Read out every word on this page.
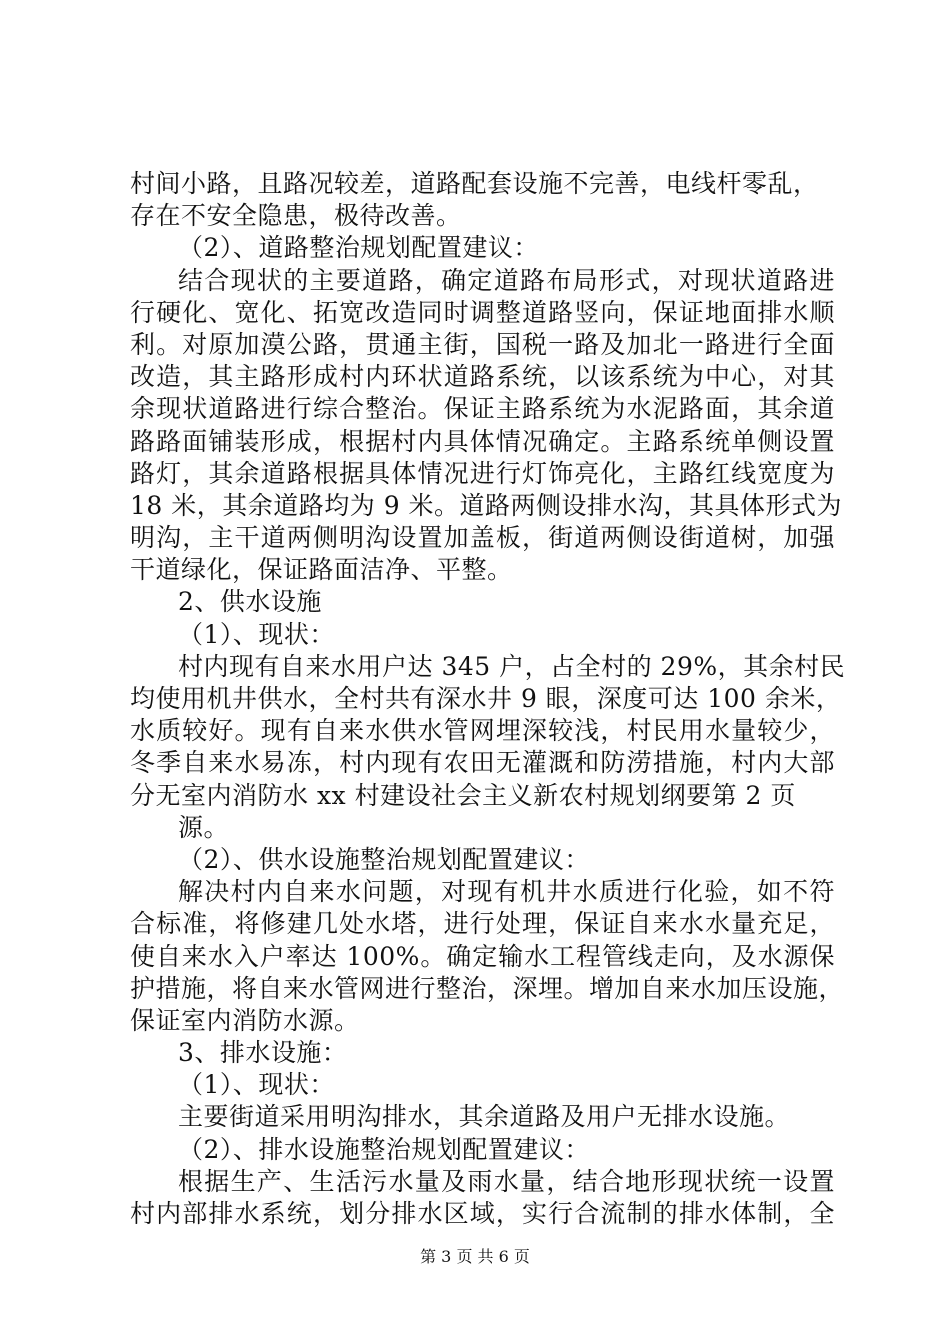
村间小路，且路况较差，道路配套设施不完善，电线杆零乱，
存在不安全隐患，极待改善。
（2）、道路整治规划配置建议：
结合现状的主要道路，确定道路布局形式，对现状道路进
行硬化、宽化、拓宽改造同时调整道路竖向，保证地面排水顺
利。对原加漠公路，贯通主街，国税一路及加北一路进行全面
改造，其主路形成村内环状道路系统，以该系统为中心，对其
余现状道路进行综合整治。保证主路系统为水泥路面，其余道
路路面铺装形成，根据村内具体情况确定。主路系统单侧设置
路灯，其余道路根据具体情况进行灯饰亮化，主路红线宽度为
18 米，其余道路均为 9 米。道路两侧设排水沟，其具体形式为
明沟，主干道两侧明沟设置加盖板，街道两侧设街道树，加强
干道绿化，保证路面洁净、平整。
2、供水设施
（1）、现状：
村内现有自来水用户达 345 户，占全村的 29%，其余村民
均使用机井供水，全村共有深水井 9 眼，深度可达 100 余米，
水质较好。现有自来水供水管网埋深较浅，村民用水量较少，
冬季自来水易冻，村内现有农田无灌溉和防涝措施，村内大部
分无室内消防水 xx 村建设社会主义新农村规划纲要第 2 页
源。
（2）、供水设施整治规划配置建议：
解决村内自来水问题，对现有机井水质进行化验，如不符
合标准，将修建几处水塔，进行处理，保证自来水水量充足，
使自来水入户率达 100%。确定输水工程管线走向，及水源保
护措施，将自来水管网进行整治，深埋。增加自来水加压设施，
保证室内消防水源。
3、排水设施：
（1）、现状：
主要街道采用明沟排水，其余道路及用户无排水设施。
（2）、排水设施整治规划配置建议：
根据生产、生活污水量及雨水量，结合地形现状统一设置
村内部排水系统，划分排水区域，实行合流制的排水体制，全
第 3 页 共 6 页
